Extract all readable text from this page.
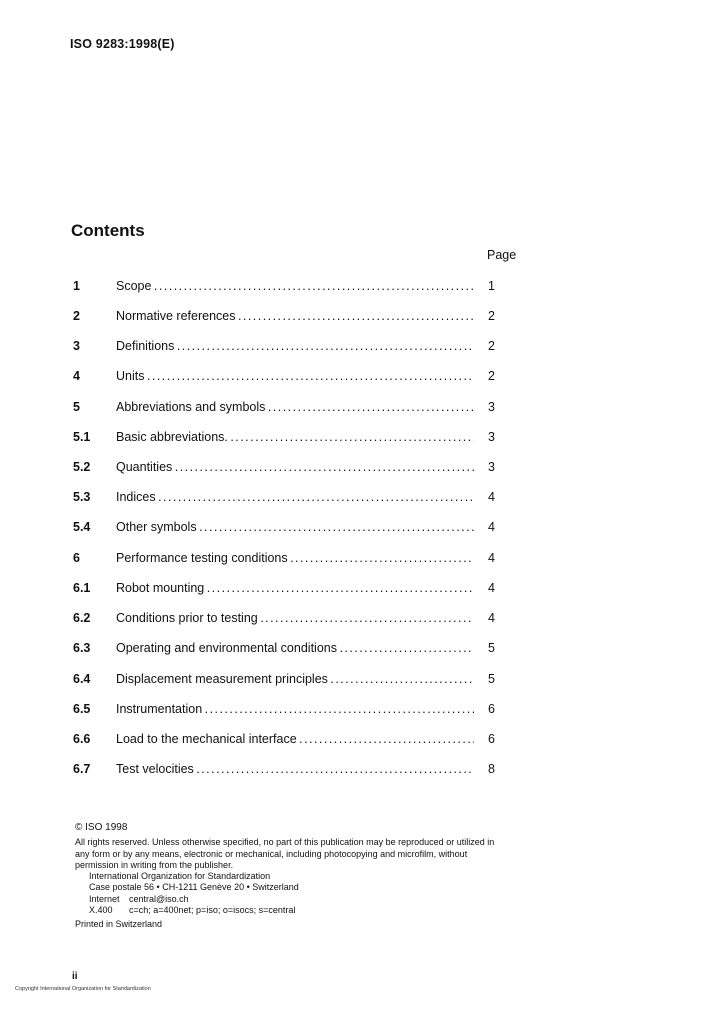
ISO 9283:1998(E)
Contents
Page
1	Scope . . .	1
2	Normative references . . .	2
3	Definitions . . .	2
4	Units . . .	2
5	Abbreviations and symbols . . .	3
5.1 Basic abbreviations. . . .	3
5.2 Quantities . . .	3
5.3 Indices . . .	4
5.4 Other symbols . . .	4
6	Performance testing conditions . . .	4
6.1 Robot mounting . . .	4
6.2 Conditions prior to testing . . .	4
6.3 Operating and environmental conditions . . .	5
6.4 Displacement measurement principles . . .	5
6.5 Instrumentation . . .	6
6.6 Load to the mechanical interface . . .	6
6.7 Test velocities . . .	8
© ISO 1998

All rights reserved. Unless otherwise specified, no part of this publication may be reproduced or utilized in any form or by any means, electronic or mechanical, including photocopying and microfilm, without permission in writing from the publisher.

International Organization for Standardization
Case postale 56 • CH-1211 Genève 20 • Switzerland
Internet	central@iso.ch
X.400	c=ch; a=400net; p=iso; o=isocs; s=central
Printed in Switzerland
ii
Copyright International Organization for Standardization
